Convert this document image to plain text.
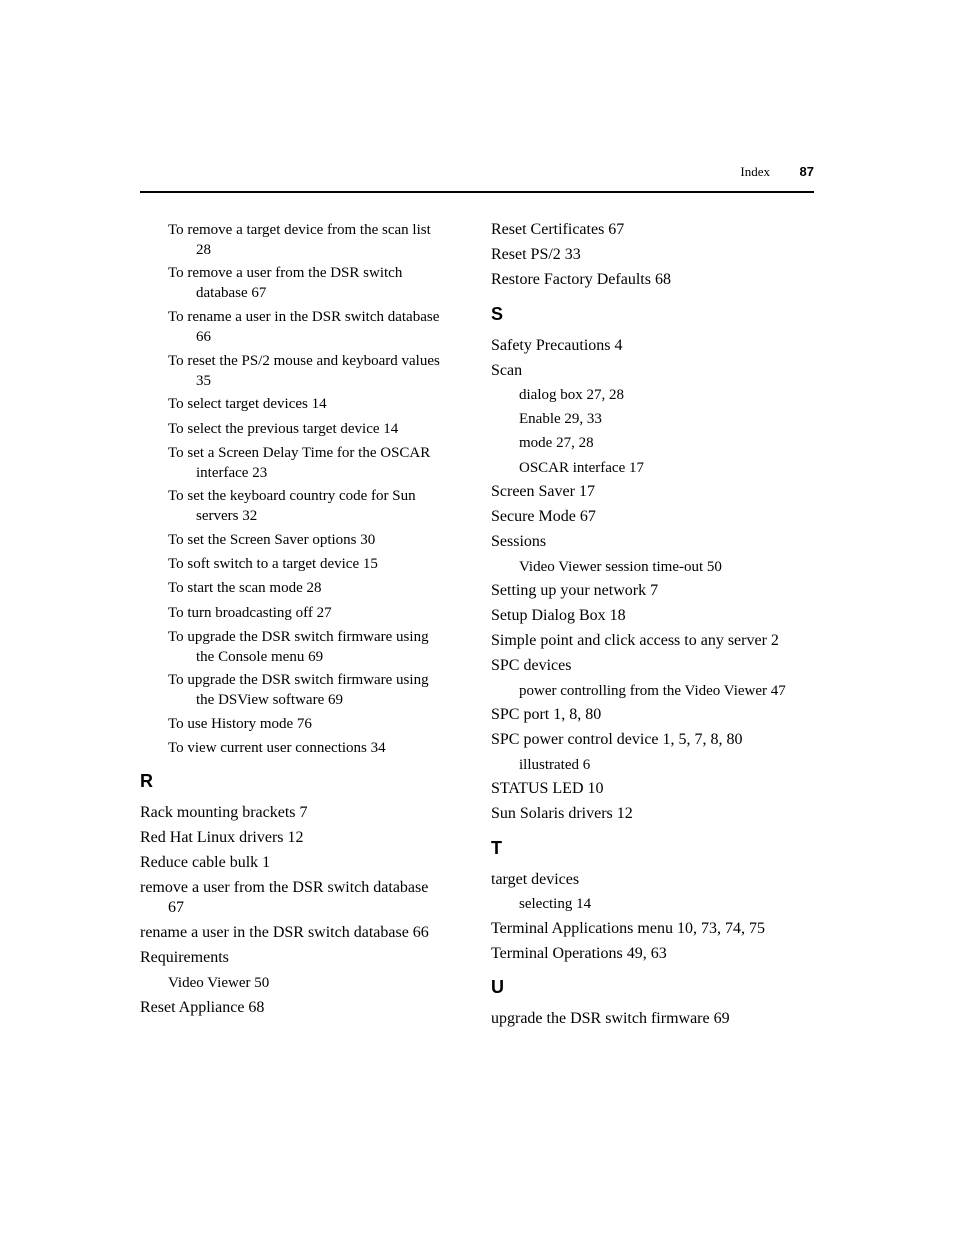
Index 87
To remove a target device from the scan list
28
To remove a user from the DSR switch
database 67
To rename a user in the DSR switch database
66
To reset the PS/2 mouse and keyboard values
35
To select target devices 14
To select the previous target device 14
To set a Screen Delay Time for the OSCAR
interface 23
To set the keyboard country code for Sun
servers 32
To set the Screen Saver options 30
To soft switch to a target device 15
To start the scan mode 28
To turn broadcasting off 27
To upgrade the DSR switch firmware using
the Console menu 69
To upgrade the DSR switch firmware using
the DSView software 69
To use History mode 76
To view current user connections 34
R
Rack mounting brackets 7
Red Hat Linux drivers 12
Reduce cable bulk 1
remove a user from the DSR switch database
67
rename a user in the DSR switch database 66
Requirements
Video Viewer 50
Reset Appliance 68
Reset Certificates 67
Reset PS/2 33
Restore Factory Defaults 68
S
Safety Precautions 4
Scan
dialog box 27, 28
Enable 29, 33
mode 27, 28
OSCAR interface 17
Screen Saver 17
Secure Mode 67
Sessions
Video Viewer session time-out 50
Setting up your network 7
Setup Dialog Box 18
Simple point and click access to any server 2
SPC devices
power controlling from the Video Viewer 47
SPC port 1, 8, 80
SPC power control device 1, 5, 7, 8, 80
illustrated 6
STATUS LED 10
Sun Solaris drivers 12
T
target devices
selecting 14
Terminal Applications menu 10, 73, 74, 75
Terminal Operations 49, 63
U
upgrade the DSR switch firmware 69
